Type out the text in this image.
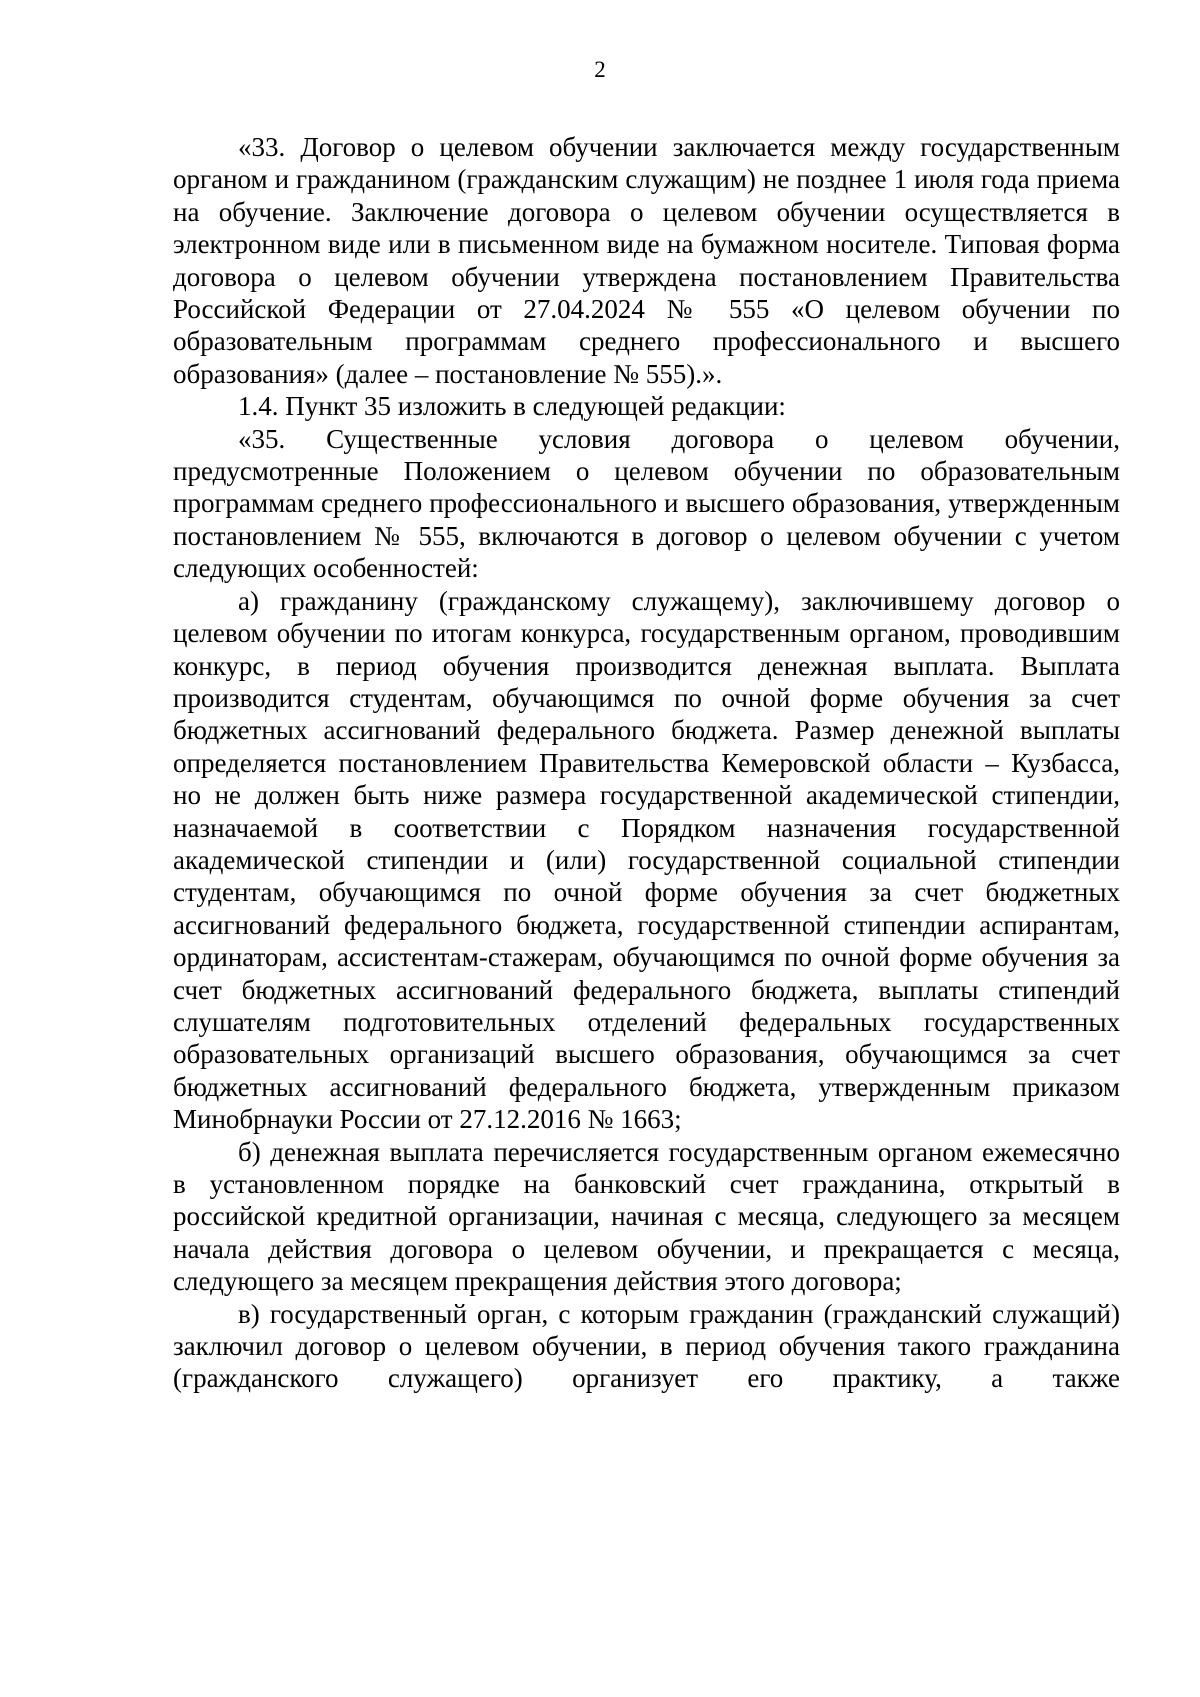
2

«33. Договор о целевом обучении заключается между государственным органом и гражданином (гражданским служащим) не позднее 1 июля года приема на обучение. Заключение договора о целевом обучении осуществляется в электронном виде или в письменном виде на бумажном носителе. Типовая форма договора о целевом обучении утверждена постановлением Правительства Российской Федерации от 27.04.2024 № 555 «О целевом обучении по образовательным программам среднего профессионального и высшего образования» (далее – постановление № 555).».

1.4. Пункт 35 изложить в следующей редакции:

«35. Существенные условия договора о целевом обучении, предусмотренные Положением о целевом обучении по образовательным программам среднего профессионального и высшего образования, утвержденным постановлением № 555, включаются в договор о целевом обучении с учетом следующих особенностей:

а) гражданину (гражданскому служащему), заключившему договор о целевом обучении по итогам конкурса, государственным органом, проводившим конкурс, в период обучения производится денежная выплата. Выплата производится студентам, обучающимся по очной форме обучения за счет бюджетных ассигнований федерального бюджета. Размер денежной выплаты определяется постановлением Правительства Кемеровской области – Кузбасса, но не должен быть ниже размера государственной академической стипендии, назначаемой в соответствии с Порядком назначения государственной академической стипендии и (или) государственной социальной стипендии студентам, обучающимся по очной форме обучения за счет бюджетных ассигнований федерального бюджета, государственной стипендии аспирантам, ординаторам, ассистентам-стажерам, обучающимся по очной форме обучения за счет бюджетных ассигнований федерального бюджета, выплаты стипендий слушателям подготовительных отделений федеральных государственных образовательных организаций высшего образования, обучающимся за счет бюджетных ассигнований федерального бюджета, утвержденным приказом Минобрнауки России от 27.12.2016 № 1663;

б) денежная выплата перечисляется государственным органом ежемесячно в установленном порядке на банковский счет гражданина, открытый в российской кредитной организации, начиная с месяца, следующего за месяцем начала действия договора о целевом обучении, и прекращается с месяца, следующего за месяцем прекращения действия этого договора;

в) государственный орган, с которым гражданин (гражданский служащий) заключил договор о целевом обучении, в период обучения такого гражданина (гражданского служащего) организует его практику, а также
